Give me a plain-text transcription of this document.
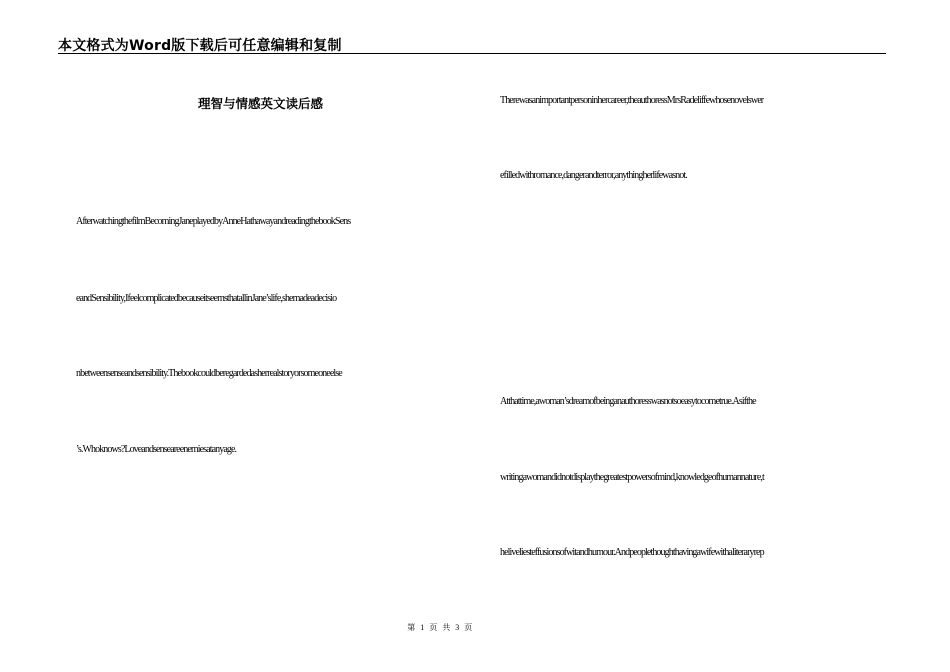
本文格式为Word版下载后可任意编辑和复制
理智与情感英文读后感
AfterwatchingthefilmBecomingJaneplayedbyAnneHathawayandreadingthebookSens
eandSensibility,IfeelcomplicatedbecauseitseemsthatallinJane’slife,shemadeadecisio
nbetweensenseandsensibility.Thebookcouldberegardedasherrealstoryorsomeoneelse
’s.Whoknows?Loveandsenseareenemiesatanyage.
Therewasanimportantpersoninhercareer,theauthoressMrsRadeliffewhosenovelswer
efilledwithromance,dangerandterror,anythingherlifewasnot.
Atthattime,awoman’sdreamofbeinganauthoresswasnotsoeasytocometrue.Asifthe
writingawomandidnotdisplaythegreatestpowersofmind,knowledgeofhumannature,t
heliveliesteffusionsofwitandhumour.Andpeoplethoughthavingawifewithaliteraryrep
第 1 页 共 3 页
